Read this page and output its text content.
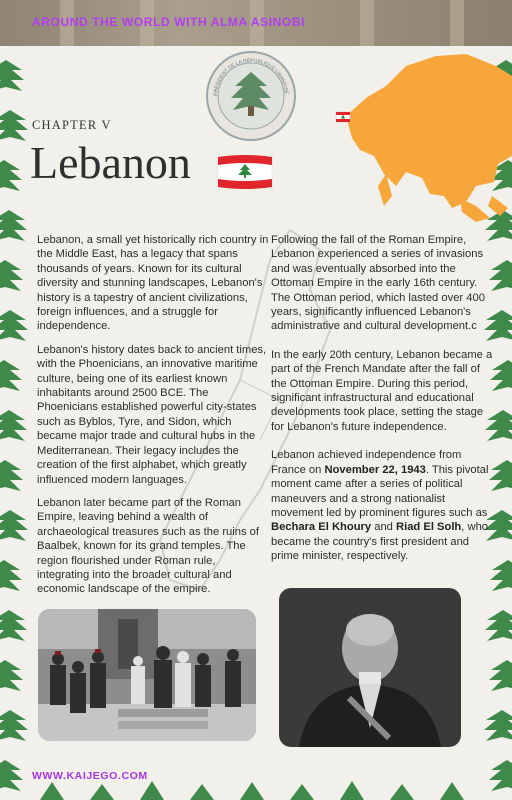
AROUND THE WORLD WITH ALMA ASINOBI
PRÉSIDENT DE LA RÉPUBLIQUE LIBANAISE
CHAPTER V
Lebanon

Lebanon, a small yet historically rich country in the Middle East, has a legacy that spans thousands of years. Known for its cultural diversity and stunning landscapes, Lebanon's history is a tapestry of ancient civilizations, foreign influences, and a struggle for independence.

Lebanon's history dates back to ancient times, with the Phoenicians, an innovative maritime culture, being one of its earliest known inhabitants around 2500 BCE. The Phoenicians established powerful city-states such as Byblos, Tyre, and Sidon, which became major trade and cultural hubs in the Mediterranean. Their legacy includes the creation of the first alphabet, which greatly influenced modern languages.

Lebanon later became part of the Roman Empire, leaving behind a wealth of archaeological treasures such as the ruins of Baalbek, known for its grand temples. The region flourished under Roman rule, integrating into the broader cultural and economic landscape of the empire.

Following the fall of the Roman Empire, Lebanon experienced a series of invasions and was eventually absorbed into the Ottoman Empire in the early 16th century. The Ottoman period, which lasted over 400 years, significantly influenced Lebanon's administrative and cultural development.c

In the early 20th century, Lebanon became a part of the French Mandate after the fall of the Ottoman Empire. During this period, significant infrastructural and educational developments took place, setting the stage for Lebanon's future independence.

Lebanon achieved independence from France on November 22, 1943. This pivotal moment came after a series of political maneuvers and a strong nationalist movement led by prominent figures such as Bechara El Khoury and Riad El Solh, who became the country's first president and prime minister, respectively.

WWW.KAIJEGO.COM
